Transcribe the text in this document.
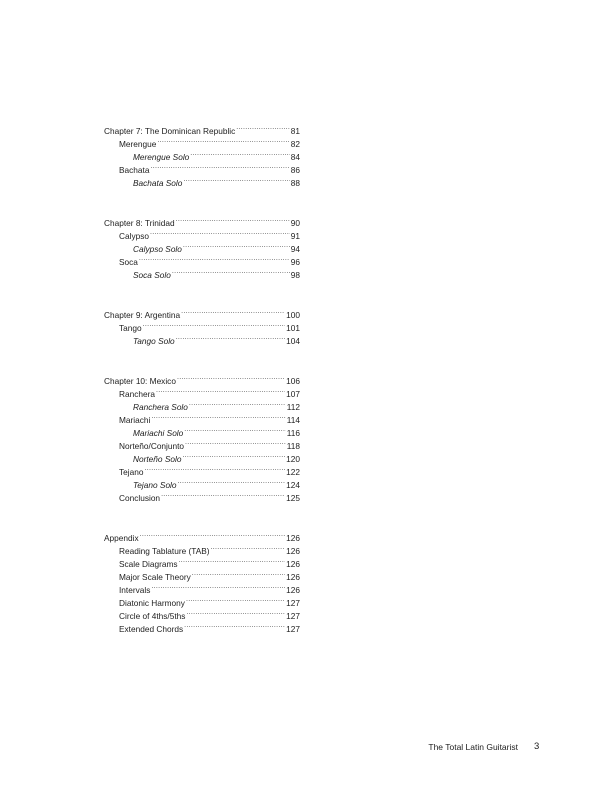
Chapter 7: The Dominican Republic .....	81
Merengue .....	82
Merengue Solo .....	84
Bachata .....	86
Bachata Solo .....	88
Chapter 8: Trinidad .....	90
Calypso .....	91
Calypso Solo .....	94
Soca .....	96
Soca Solo .....	98
Chapter 9: Argentina .....	100
Tango .....	101
Tango Solo .....	104
Chapter 10: Mexico .....	106
Ranchera .....	107
Ranchera Solo .....	112
Mariachi .....	114
Mariachi Solo .....	116
Norteño/Conjunto .....	118
Norteño Solo .....	120
Tejano .....	122
Tejano Solo .....	124
Conclusion .....	125
Appendix .....	126
Reading Tablature (TAB) .....	126
Scale Diagrams .....	126
Major Scale Theory .....	126
Intervals .....	126
Diatonic Harmony .....	127
Circle of 4ths/5ths .....	127
Extended Chords .....	127
The Total Latin Guitarist 3
